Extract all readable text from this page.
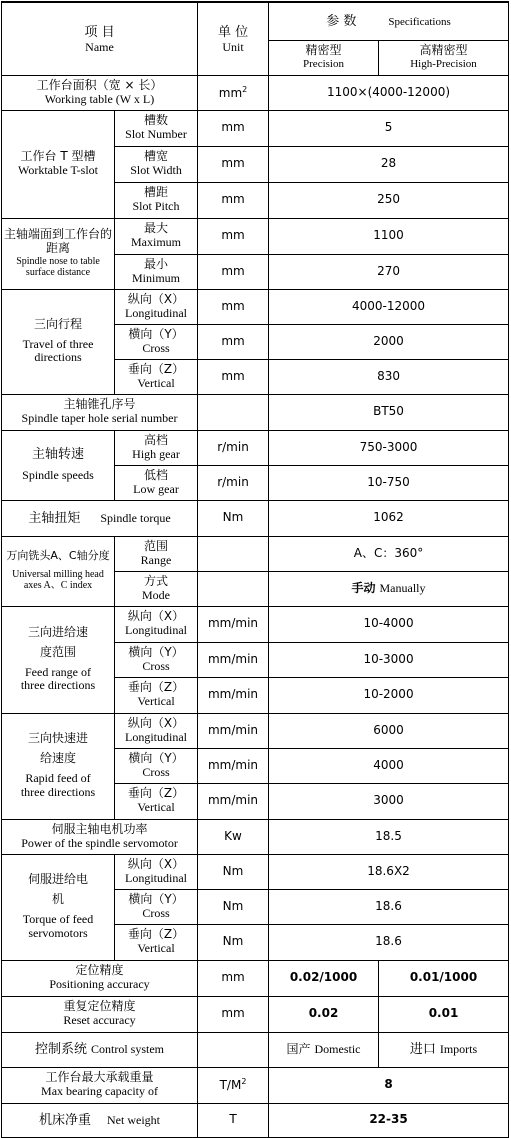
项 目
Name		单 位
Unit	参 数 Specifications	

			精密型
Precision	高精密型
High-Precision

工作台面积（宽 × 长）
Working table (W x L)		$mm^2$	1100×(4000-12000)	

工作台 T 型槽
Worktable T-slot	槽数
Slot Number	mm	5	

	槽宽
Slot Width	mm	28	

	槽距
Slot Pitch	mm	250	

主轴端面到工作台的距离
Spindle nose to table surface distance	最大
Maximum	mm	1100	

	最小
Minimum	mm	270	

三向行程
Travel of three directions	纵向（X）
Longitudinal	mm	4000-12000	

	横向（Y）
Cross	mm	2000	

	垂向（Z）
Vertical	mm	830	

主轴锥孔序号
Spindle taper hole serial number			BT50	

主轴转速
Spindle speeds	高档
High gear	r/min	750-3000	

	低档
Low gear	r/min	10-750	
主轴扭矩 Spindle torque		Nm	1062	

万向铣头A、C轴分度
Universal milling head axes A、C index	范围
Range		A、C：360°	

	方式
Mode		手动 Manually	

三向进给速
度范围
Feed range of three directions	纵向（X）
Longitudinal	mm/min	10-4000	

	横向（Y）
Cross	mm/min	10-3000	

	垂向（Z）
Vertical	mm/min	10-2000	

三向快速进
给速度
Rapid feed of three directions	纵向（X）
Longitudinal	mm/min	6000	

	横向（Y）
Cross	mm/min	4000	

	垂向（Z）
Vertical	mm/min	3000	

伺服主轴电机功率
Power of the spindle servomotor		Kw	18.5	

伺服进给电
机
Torque of feed servomotors	纵向（X）
Longitudinal	Nm	18.6X2	

	横向（Y）
Cross	Nm	18.6	

	垂向（Z）
Vertical	Nm	18.6	

定位精度
Positioning accuracy		mm	0.02/1000	0.01/1000

重复定位精度
Reset accuracy		mm	0.02	0.01
控制系统 Control system			国产 Domestic	进口 Imports

工作台最大承载重量
Max bearing capacity of		$T/M^2$	8	
机床净重 Net weight		T	22-35	
